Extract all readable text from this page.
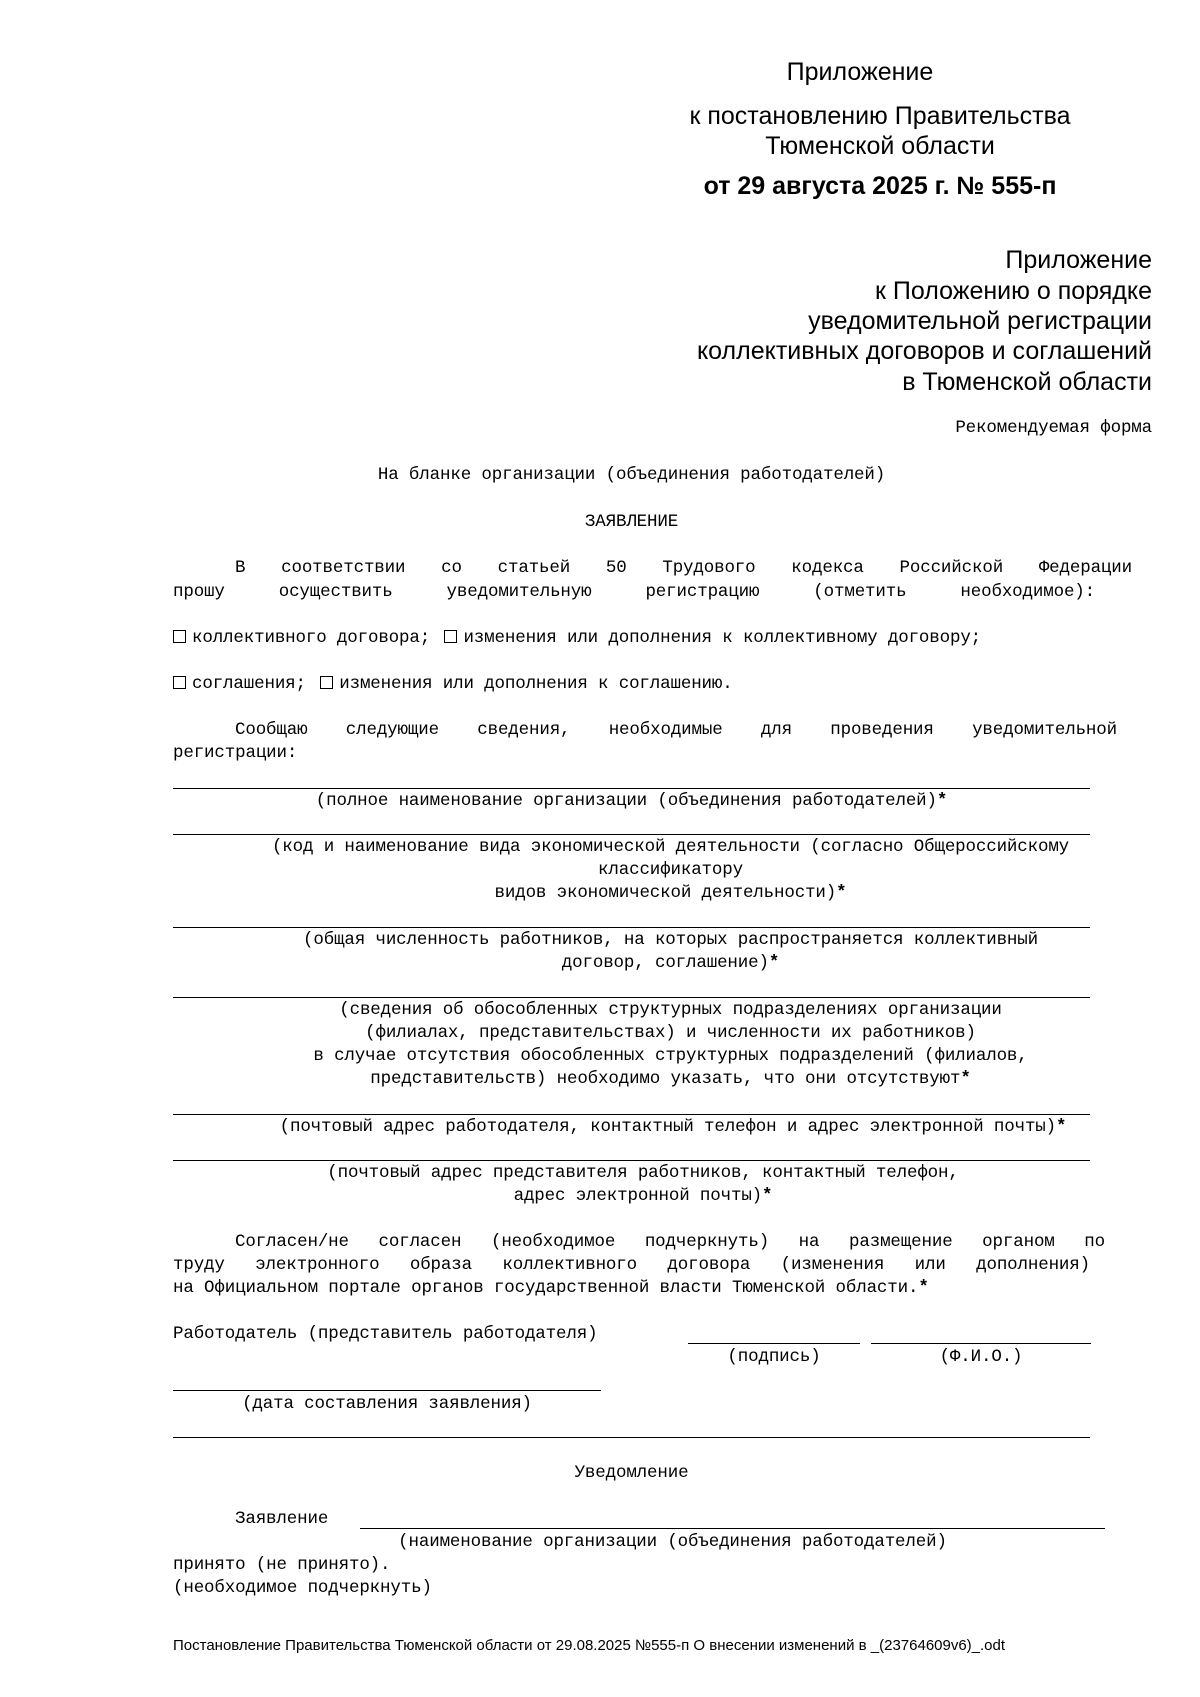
Приложение
к постановлению Правительства
Тюменской области
от 29 августа 2025 г. № 555-п
Приложение
к Положению о порядке
уведомительной регистрации
коллективных договоров и соглашений
в Тюменской области
Рекомендуемая форма
На бланке организации (объединения работодателей)
ЗАЯВЛЕНИЕ
В соответствии со статьей 50 Трудового кодекса Российской Федерации
прошу осуществить уведомительную регистрацию (отметить необходимое):
коллективного договора; изменения или дополнения к коллективному договору;
соглашения; изменения или дополнения к соглашению.
Сообщаю следующие сведения, необходимые для проведения уведомительной
регистрации:
(полное наименование организации (объединения работодателей)*
(код и наименование вида экономической деятельности (согласно Общероссийскому
классификатору
видов экономической деятельности)*
(общая численность работников, на которых распространяется коллективный
договор, соглашение)*
(сведения об обособленных структурных подразделениях организации
(филиалах, представительствах) и численности их работников)
в случае отсутствия обособленных структурных подразделений (филиалов,
представительств) необходимо указать, что они отсутствуют*
(почтовый адрес работодателя, контактный телефон и адрес электронной почты)*
(почтовый адрес представителя работников, контактный телефон,
адрес электронной почты)*
Согласен/не согласен (необходимое подчеркнуть) на размещение органом по
труду электронного образа коллективного договора (изменения или дополнения)
на Официальном портале органов государственной власти Тюменской области.*
Работодатель (представитель работодателя)
(подпись)	(Ф.И.О.)
(дата составления заявления)
Уведомление
Заявление
(наименование организации (объединения работодателей)
принято (не принято).
(необходимое подчеркнуть)
Постановление Правительства Тюменской области от 29.08.2025 №555-п О внесении изменений в _(23764609v6)_.odt
